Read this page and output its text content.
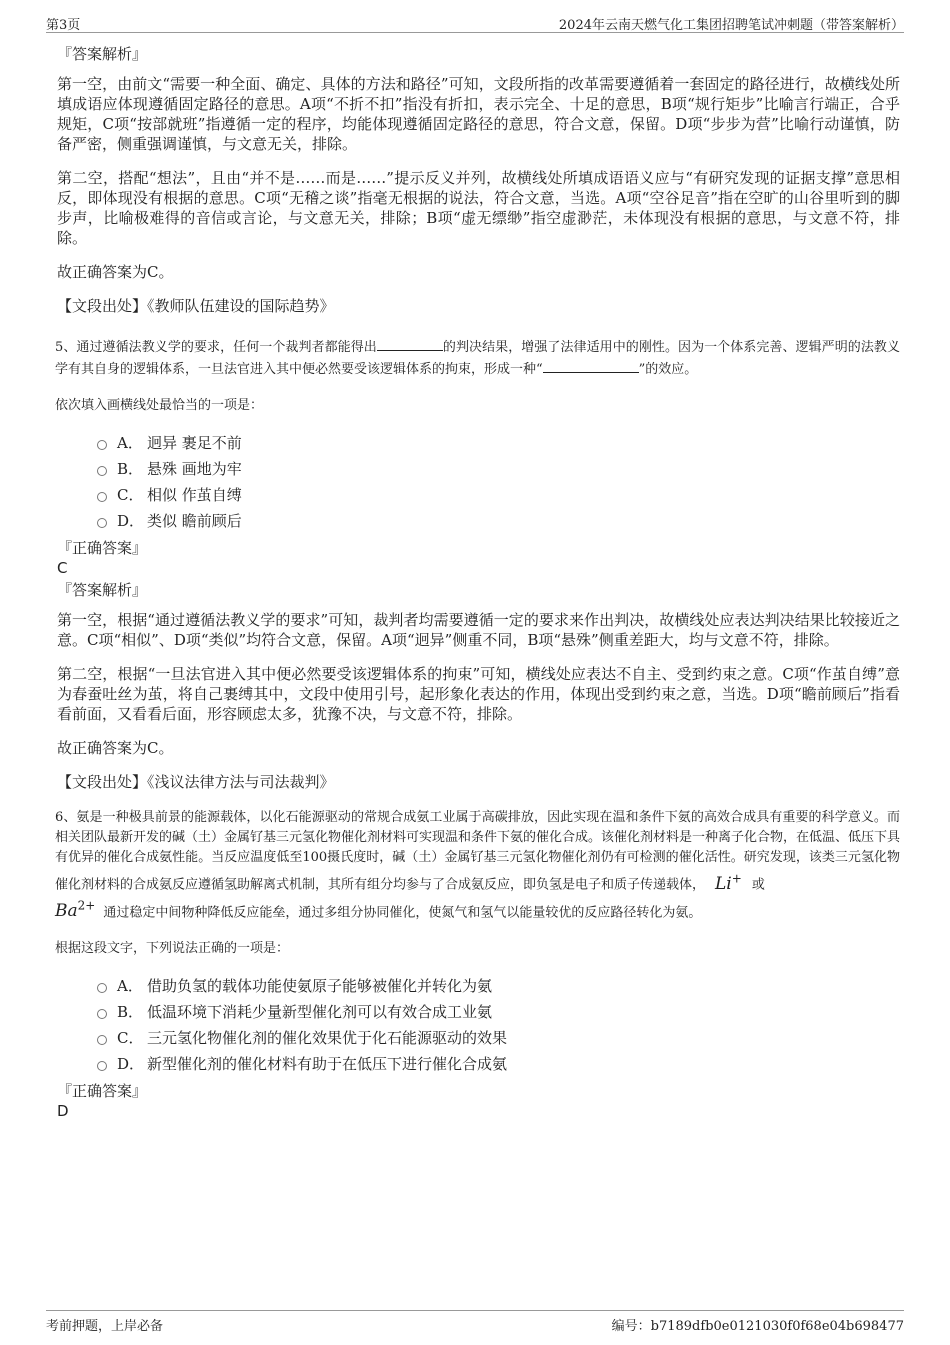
第3页	2024年云南天燃气化工集团招聘笔试冲刺题（带答案解析）
『答案解析』
第一空，由前文“需要一种全面、确定、具体的方法和路径”可知，文段所指的改革需要遵循着一套固定的路径进行，故横线处所填成语应体现遵循固定路径的意思。A项“不折不扣”指没有折扣，表示完全、十足的意思，B项“规行矩步”比喻言行端正，合乎规矩，C项“按部就班”指遵循一定的程序，均能体现遵循固定路径的意思，符合文意，保留。D项“步步为营”比喻行动谨慎，防备严密，侧重强调谨慎，与文意无关，排除。
第二空，搭配“想法”，且由“并不是……而是……”提示反义并列，故横线处所填成语语义应与“有研究发现的证据支撑”意思相反，即体现没有根据的意思。C项“无稽之谈”指毫无根据的说法，符合文意，当选。A项“空谷足音”指在空旷的山谷里听到的脚步声，比喻极难得的音信或言论，与文意无关，排除；B项“虚无缥缈”指空虚渺茫，未体现没有根据的意思，与文意不符，排除。
故正确答案为C。
【文段出处】《教师队伍建设的国际趋势》
5、通过遵循法教义学的要求，任何一个裁判者都能得出	的判决结果，增强了法律适用中的刚性。因为一个体系完善、逻辑严明的法教义学有其自身的逻辑体系，一旦法官进入其中便必然要受该逻辑体系的拘束，形成一种“	”的效应。
依次填入画横线处最恰当的一项是：
A． 迥异 裹足不前
B． 悬殊 画地为牢
C． 相似 作茧自缚
D． 类似 瞻前顾后
『正确答案』
C
『答案解析』
第一空，根据“通过遵循法教义学的要求”可知，裁判者均需要遵循一定的要求来作出判决，故横线处应表达判决结果比较接近之意。C项“相似”、D项“类似”均符合文意，保留。A项“迥异”侧重不同，B项“悬殊”侧重差距大，均与文意不符，排除。
第二空，根据“一旦法官进入其中便必然要受该逻辑体系的拘束”可知，横线处应表达不自主、受到约束之意。C项“作茧自缚”意为春蚕吐丝为茧，将自己裹缚其中，文段中使用引号，起形象化表达的作用，体现出受到约束之意，当选。D项“瞻前顾后”指看看前面，又看看后面，形容顾虑太多，犹豫不决，与文意不符，排除。
故正确答案为C。
【文段出处】《浅议法律方法与司法裁判》
6、氨是一种极具前景的能源载体，以化石能源驱动的常规合成氨工业属于高碳排放，因此实现在温和条件下氨的高效合成具有重要的科学意义。而相关团队最新开发的碱（土）金属钌基三元氢化物催化剂材料可实现温和条件下氨的催化合成。该催化剂材料是一种离子化合物，在低温、低压下具有优异的催化合成氨性能。当反应温度低至100摄氏度时，碱（土）金属钌基三元氢化物催化剂仍有可检测的催化活性。研究发现，该类三元氢化物催化剂材料的合成氨反应遵循氢助解离式机制，其所有组分均参与了合成氨反应，即负氢是电子和质子传递载体， Li+ 或
$Ba^{2+}$ 通过稳定中间物种降低反应能垒，通过多组分协同催化，使氮气和氢气以能量较优的反应路径转化为氨。
根据这段文字，下列说法正确的一项是：
A． 借助负氢的载体功能使氨原子能够被催化并转化为氨
B． 低温环境下消耗少量新型催化剂可以有效合成工业氨
C． 三元氢化物催化剂的催化效果优于化石能源驱动的效果
D． 新型催化剂的催化材料有助于在低压下进行催化合成氨
『正确答案』
D
考前押题，上岸必备	编号：b7189dfb0e0121030f0f68e04b698477
